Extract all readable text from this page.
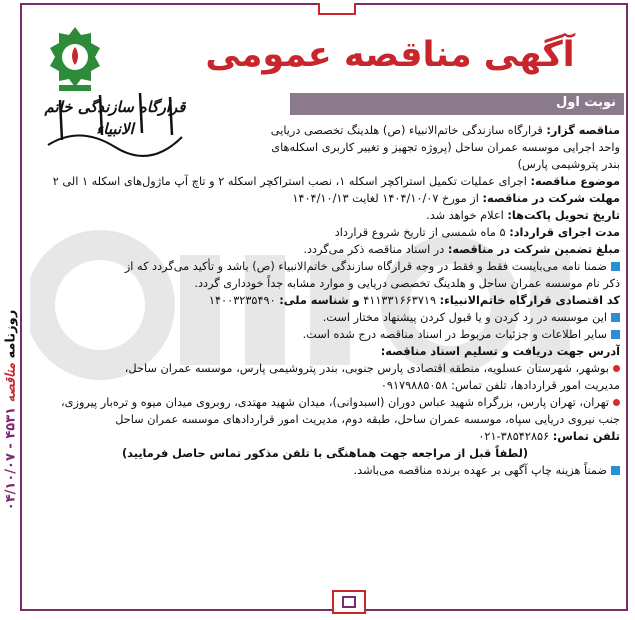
روزنامه مناقصه ۴۵۳۱ - ۰۴/۱۰/۰۷
قرارگاه سازندگی خاتم الانبیاء
آگهی مناقصه عمومی
نوبت اول
مناقصه گزار: قرارگاه سازندگی خاتم‌الانبیاء (ص) هلدینگ تخصصی دریایی
واحد اجرایی موسسه عمران ساحل (پروژه تجهیز و تغییر کاربری اسکله‌های
بندر پتروشیمی پارس)
موضوع مناقصه: اجرای عملیات تکمیل استراکچر اسکله ۱، نصب استراکچر اسکله ۲ و تاچ آپ ماژول‌های اسکله ۱ الی ۲
مهلت شرکت در مناقصه: از مورخ ۱۴۰۴/۱۰/۰۷ لغایت ۱۴۰۴/۱۰/۱۳
تاریخ تحویل پاکت‌ها: اعلام خواهد شد.
مدت اجرای قرارداد: ۵ ماه شمسی از تاریخ شروع قرارداد
مبلغ تضمین شرکت در مناقصه: در اسناد مناقصه ذکر می‌گردد.
ضمنا نامه می‌بایست فقط و فقط در وجه قرارگاه سازندگی خاتم‌الانبیاء (ص) باشد و تأکید می‌گردد که از
ذکر نام موسسه عمران ساحل و هلدینگ تخصصی دریایی و موارد مشابه جداً خودداری گردد.
کد اقتصادی قرارگاه خاتم‌الانبیاء: ۴۱۱۳۳۱۶۶۳۷۱۹ و شناسه ملی: ۱۴۰۰۳۲۳۵۴۹۰
این موسسه در رد کردن و یا قبول کردن پیشنهاد مختار است.
سایر اطلاعات و جزئیات مربوط در اسناد مناقصه درج شده است.
آدرس جهت دریافت و تسلیم اسناد مناقصه:
بوشهر، شهرستان عسلویه، منطقه اقتصادی پارس جنوبی، بندر پتروشیمی پارس، موسسه عمران ساحل،
مدیریت امور قراردادها، تلفن تماس: ۰۹۱۷۹۸۸۵۰۵۸
تهران، تهران پارس، بزرگراه شهید عباس دوران (اسبدوانی)، میدان شهید مهتدی، روبروی میدان میوه و تره‌بار پیروزی،
جنب نیروی دریایی سپاه، موسسه عمران ساحل، طبقه دوم، مدیریت امور قراردادهای موسسه عمران ساحل
تلفن تماس: ۳۸۵۴۲۸۵۶-۰۲۱
(لطفاً قبل از مراجعه جهت هماهنگی با تلفن مذکور تماس حاصل فرمایید)
ضمناً هزینه چاپ آگهی بر عهده برنده مناقصه می‌باشد.
